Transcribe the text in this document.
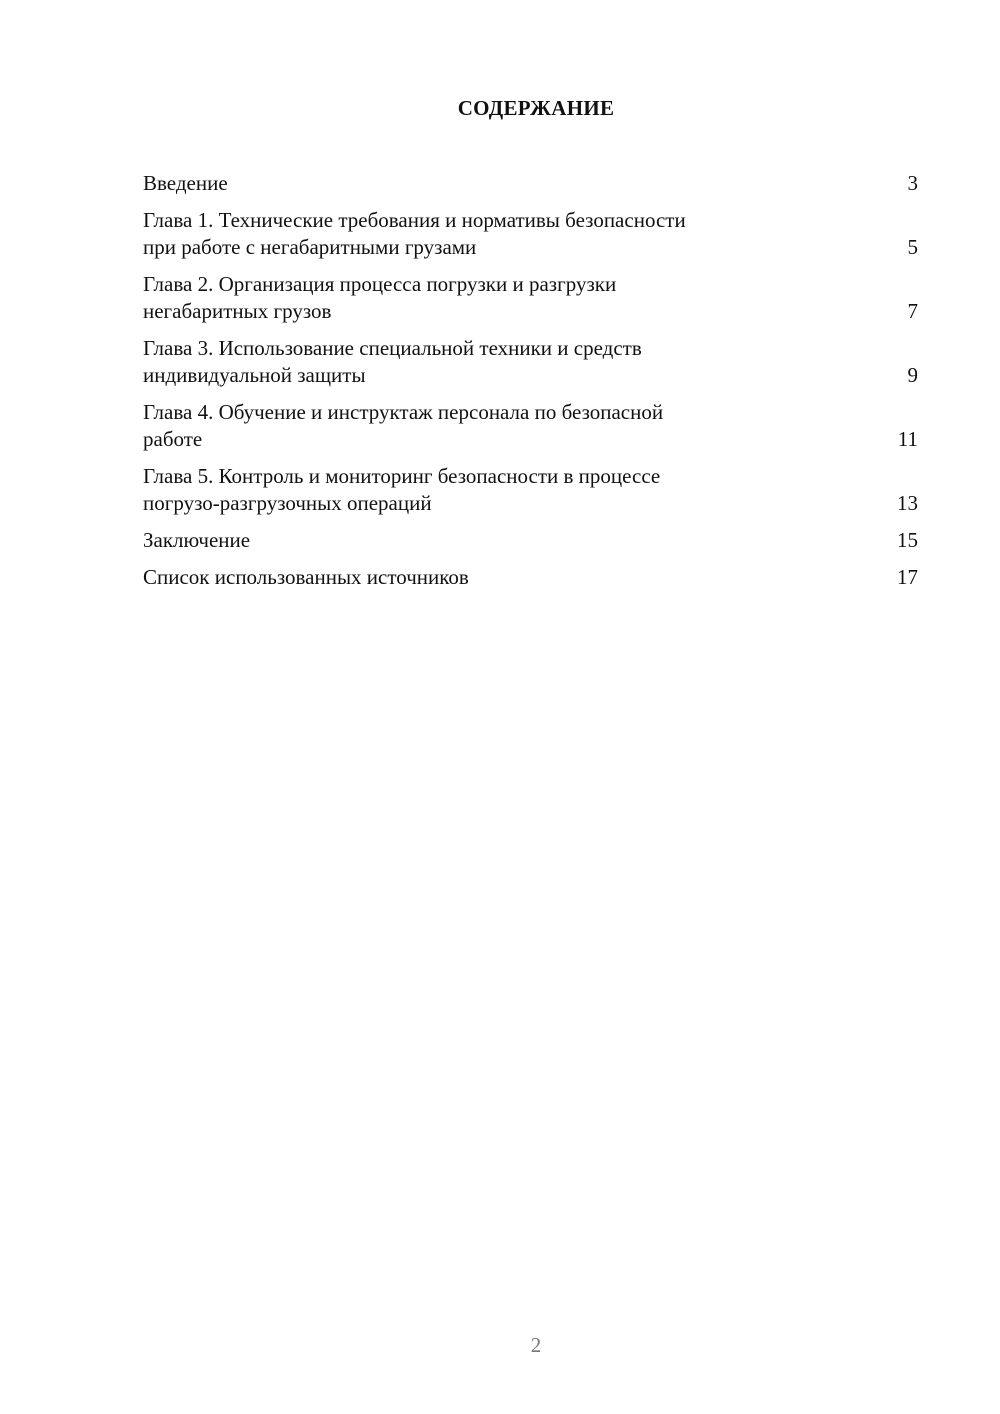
СОДЕРЖАНИЕ
Введение	3
Глава 1. Технические требования и нормативы безопасности
при работе с негабаритными грузами	5
Глава 2. Организация процесса погрузки и разгрузки
негабаритных грузов	7
Глава 3. Использование специальной техники и средств
индивидуальной защиты	9
Глава 4. Обучение и инструктаж персонала по безопасной
работе	11
Глава 5. Контроль и мониторинг безопасности в процессе
погрузо-разгрузочных операций	13
Заключение	15
Список использованных источников	17
2
